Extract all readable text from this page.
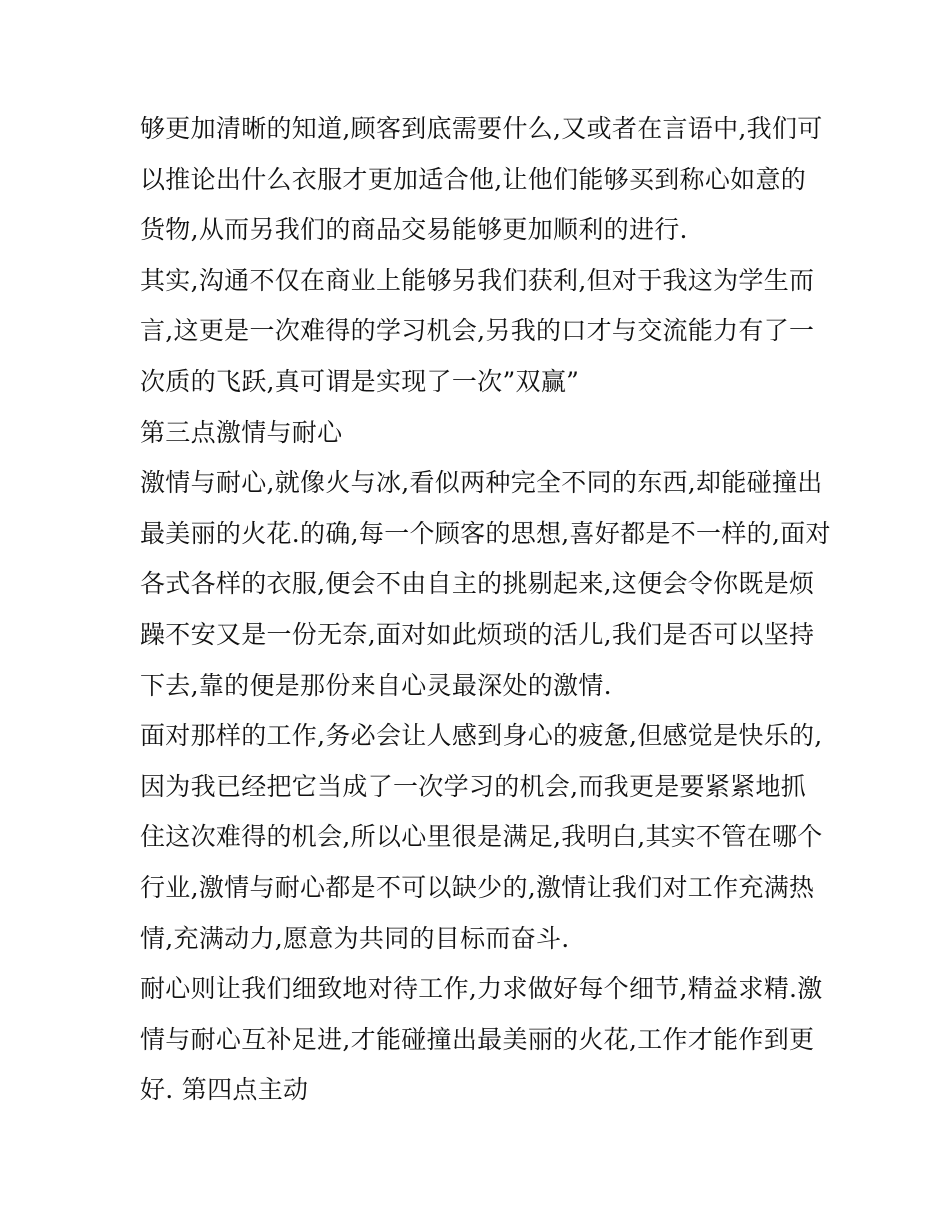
够更加清晰的知道,顾客到底需要什么,又或者在言语中,我们可
以推论出什么衣服才更加适合他,让他们能够买到称心如意的
货物,从而另我们的商品交易能够更加顺利的进行.
其实,沟通不仅在商业上能够另我们获利,但对于我这为学生而
言,这更是一次难得的学习机会,另我的口才与交流能力有了一
次质的飞跃,真可谓是实现了一次”双赢”
第三点激情与耐心
激情与耐心,就像火与冰,看似两种完全不同的东西,却能碰撞出
最美丽的火花.的确,每一个顾客的思想,喜好都是不一样的,面对
各式各样的衣服,便会不由自主的挑剔起来,这便会令你既是烦
躁不安又是一份无奈,面对如此烦琐的活儿,我们是否可以坚持
下去,靠的便是那份来自心灵最深处的激情.
面对那样的工作,务必会让人感到身心的疲惫,但感觉是快乐的,
因为我已经把它当成了一次学习的机会,而我更是要紧紧地抓
住这次难得的机会,所以心里很是满足,我明白,其实不管在哪个
行业,激情与耐心都是不可以缺少的,激情让我们对工作充满热
情,充满动力,愿意为共同的目标而奋斗.
耐心则让我们细致地对待工作,力求做好每个细节,精益求精.激
情与耐心互补足进,才能碰撞出最美丽的火花,工作才能作到更
好. 第四点主动
